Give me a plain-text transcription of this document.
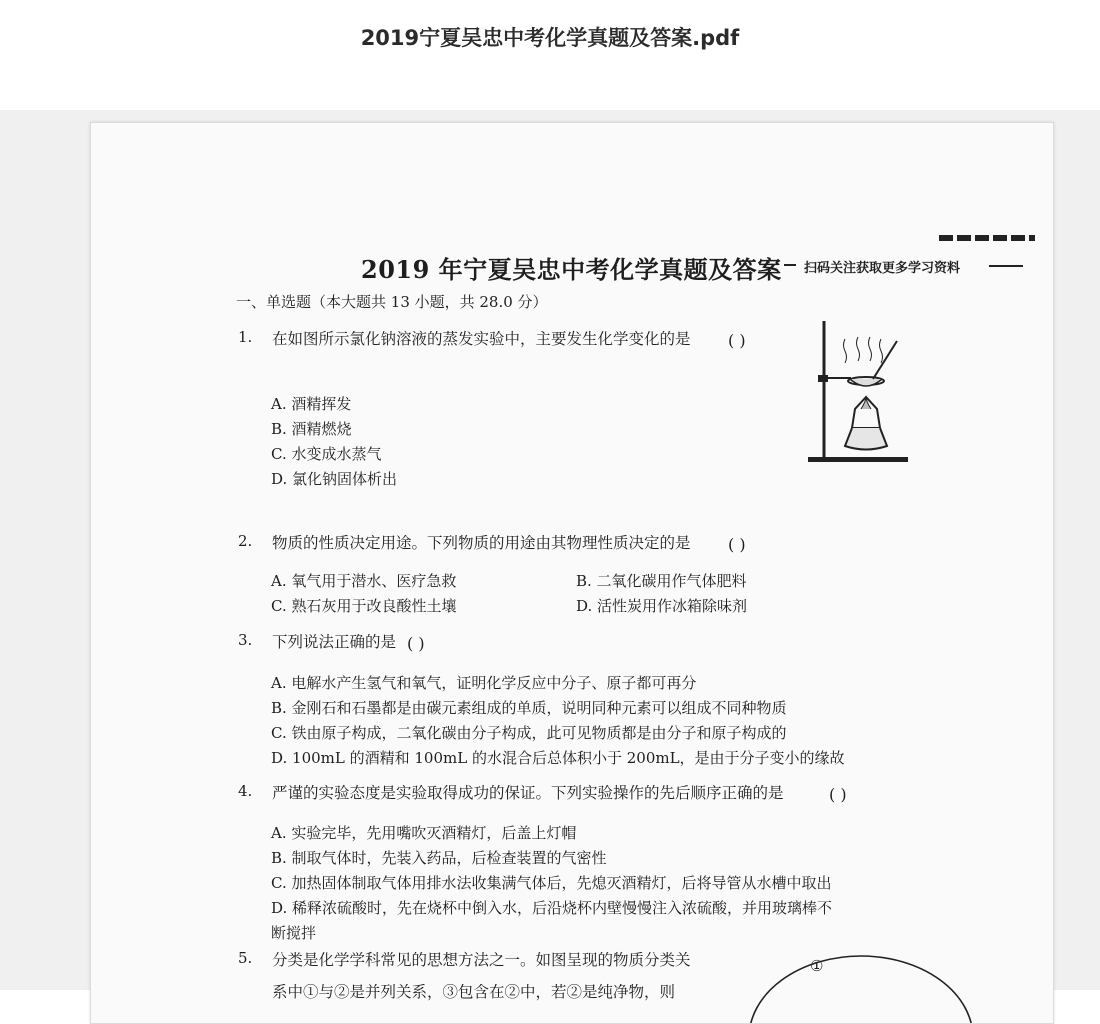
2019宁夏吴忠中考化学真题及答案.pdf
2019 年宁夏吴忠中考化学真题及答案 扫码关注获取更多学习资料
一、单选题（本大题共 13 小题，共 28.0 分）
1. 在如图所示氯化钠溶液的蒸发实验中，主要发生化学变化的是 ( )
A. 酒精挥发
B. 酒精燃烧
C. 水变成水蒸气
D. 氯化钠固体析出
2. 物质的性质决定用途。下列物质的用途由其物理性质决定的是 ( )
A. 氧气用于潜水、医疗急救	B. 二氧化碳用作气体肥料
C. 熟石灰用于改良酸性土壤	D. 活性炭用作冰箱除味剂
3. 下列说法正确的是 ( )
A. 电解水产生氢气和氧气，证明化学反应中分子、原子都可再分
B. 金刚石和石墨都是由碳元素组成的单质，说明同种元素可以组成不同种物质
C. 铁由原子构成，二氧化碳由分子构成，此可见物质都是由分子和原子构成的
D. 100mL 的酒精和 100mL 的水混合后总体积小于 200mL，是由于分子变小的缘故
4. 严谨的实验态度是实验取得成功的保证。下列实验操作的先后顺序正确的是	( )
A. 实验完毕，先用嘴吹灭酒精灯，后盖上灯帽
B. 制取气体时，先装入药品，后检查装置的气密性
C. 加热固体制取气体用排水法收集满气体后，先熄灭酒精灯，后将导管从水槽中取出
D. 稀释浓硫酸时，先在烧杯中倒入水，后沿烧杯内壁慢慢注入浓硫酸，并用玻璃棒不
断搅拌
5. 分类是化学学科常见的思想方法之一。如图呈现的物质分类关
系中①与②是并列关系，③包含在②中，若②是纯净物，则
①
